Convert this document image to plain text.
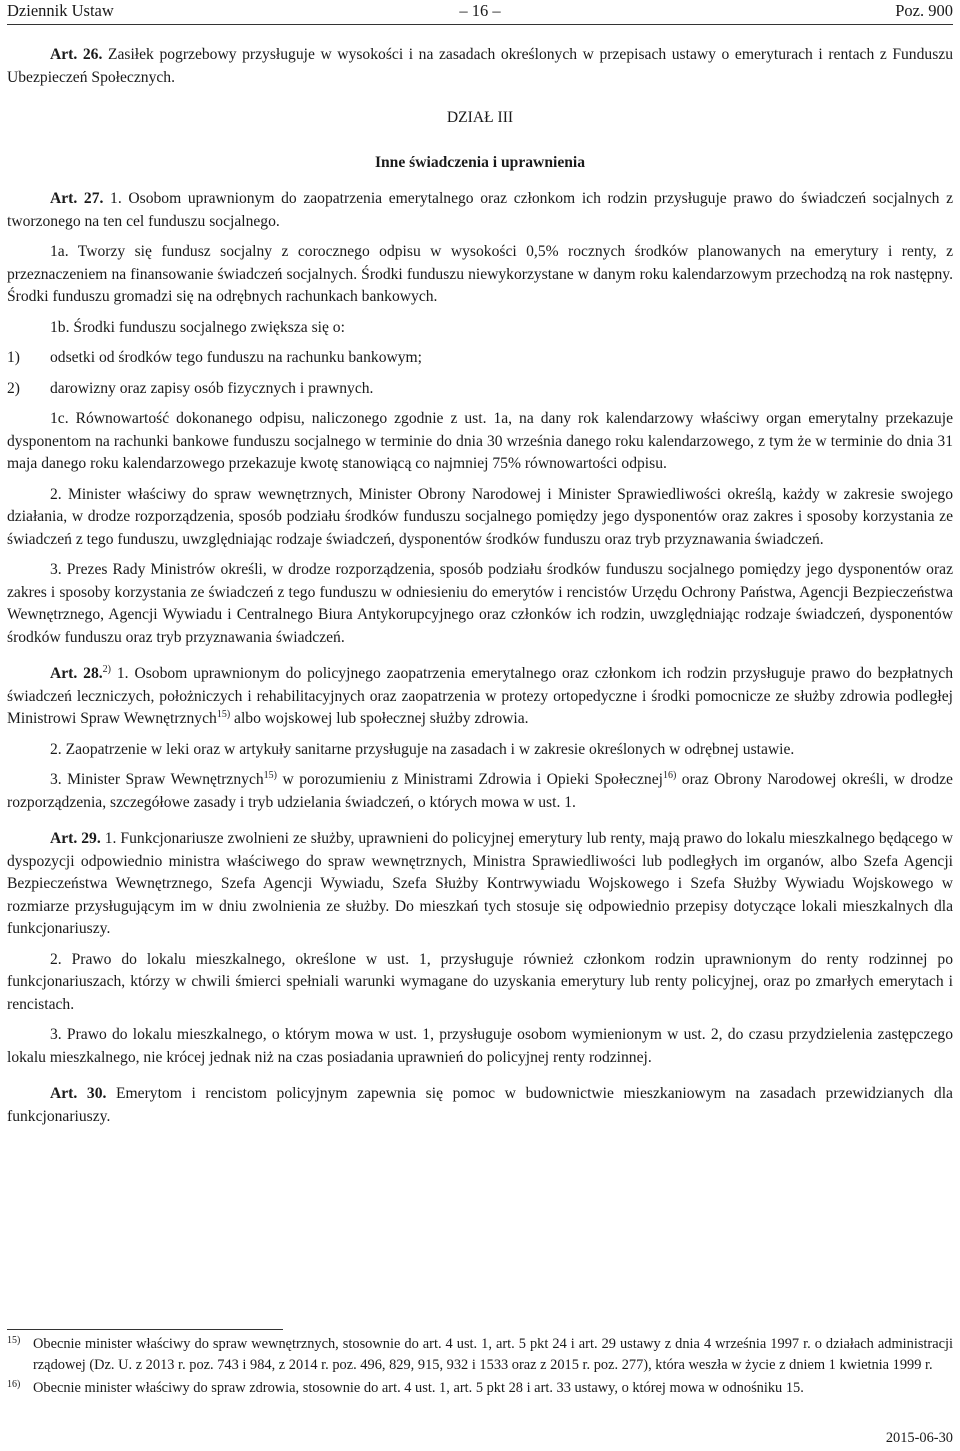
Dziennik Ustaw	– 16 –	Poz. 900

Art. 26. Zasiłek pogrzebowy przysługuje w wysokości i na zasadach określonych w przepisach ustawy o emeryturach i rentach z Funduszu Ubezpieczeń Społecznych.

DZIAŁ III

Inne świadczenia i uprawnienia

Art. 27. 1. Osobom uprawnionym do zaopatrzenia emerytalnego oraz członkom ich rodzin przysługuje prawo do świadczeń socjalnych z tworzonego na ten cel funduszu socjalnego.

1a. Tworzy się fundusz socjalny z corocznego odpisu w wysokości 0,5% rocznych środków planowanych na emerytury i renty, z przeznaczeniem na finansowanie świadczeń socjalnych. Środki funduszu niewykorzystane w danym roku kalendarzowym przechodzą na rok następny. Środki funduszu gromadzi się na odrębnych rachunkach bankowych.

1b. Środki funduszu socjalnego zwiększa się o:

1)	odsetki od środków tego funduszu na rachunku bankowym;
2)	darowizny oraz zapisy osób fizycznych i prawnych.

1c. Równowartość dokonanego odpisu, naliczonego zgodnie z ust. 1a, na dany rok kalendarzowy właściwy organ emerytalny przekazuje dysponentom na rachunki bankowe funduszu socjalnego w terminie do dnia 30 września danego roku kalendarzowego, z tym że w terminie do dnia 31 maja danego roku kalendarzowego przekazuje kwotę stanowiącą co najmniej 75% równowartości odpisu.

2. Minister właściwy do spraw wewnętrznych, Minister Obrony Narodowej i Minister Sprawiedliwości określą, każdy w zakresie swojego działania, w drodze rozporządzenia, sposób podziału środków funduszu socjalnego pomiędzy jego dysponentów oraz zakres i sposoby korzystania ze świadczeń z tego funduszu, uwzględniając rodzaje świadczeń, dysponentów środków funduszu oraz tryb przyznawania świadczeń.

3. Prezes Rady Ministrów określi, w drodze rozporządzenia, sposób podziału środków funduszu socjalnego pomiędzy jego dysponentów oraz zakres i sposoby korzystania ze świadczeń z tego funduszu w odniesieniu do emerytów i rencistów Urzędu Ochrony Państwa, Agencji Bezpieczeństwa Wewnętrznego, Agencji Wywiadu i Centralnego Biura Antykorupcyjnego oraz członków ich rodzin, uwzględniając rodzaje świadczeń, dysponentów środków funduszu oraz tryb przyznawania świadczeń.

Art. 28.$^{2)}$ 1. Osobom uprawnionym do policyjnego zaopatrzenia emerytalnego oraz członkom ich rodzin przysługuje prawo do bezpłatnych świadczeń leczniczych, położniczych i rehabilitacyjnych oraz zaopatrzenia w protezy ortopedyczne i środki pomocnicze ze służby zdrowia podległej Ministrowi Spraw Wewnętrznych$^{15)}$ albo wojskowej lub społecznej służby zdrowia.

2. Zaopatrzenie w leki oraz w artykuły sanitarne przysługuje na zasadach i w zakresie określonych w odrębnej ustawie.

3. Minister Spraw Wewnętrznych$^{15)}$ w porozumieniu z Ministrami Zdrowia i Opieki Społecznej$^{16)}$ oraz Obrony Narodowej określi, w drodze rozporządzenia, szczegółowe zasady i tryb udzielania świadczeń, o których mowa w ust. 1.

Art. 29. 1. Funkcjonariusze zwolnieni ze służby, uprawnieni do policyjnej emerytury lub renty, mają prawo do lokalu mieszkalnego będącego w dyspozycji odpowiednio ministra właściwego do spraw wewnętrznych, Ministra Sprawiedliwości lub podległych im organów, albo Szefa Agencji Bezpieczeństwa Wewnętrznego, Szefa Agencji Wywiadu, Szefa Służby Kontrwywiadu Wojskowego i Szefa Służby Wywiadu Wojskowego w rozmiarze przysługującym im w dniu zwolnienia ze służby. Do mieszkań tych stosuje się odpowiednio przepisy dotyczące lokali mieszkalnych dla funkcjonariuszy.

2. Prawo do lokalu mieszkalnego, określone w ust. 1, przysługuje również członkom rodzin uprawnionym do renty rodzinnej po funkcjonariuszach, którzy w chwili śmierci spełniali warunki wymagane do uzyskania emerytury lub renty policyjnej, oraz po zmarłych emerytach i rencistach.

3. Prawo do lokalu mieszkalnego, o którym mowa w ust. 1, przysługuje osobom wymienionym w ust. 2, do czasu przydzielenia zastępczego lokalu mieszkalnego, nie krócej jednak niż na czas posiadania uprawnień do policyjnej renty rodzinnej.

Art. 30. Emerytom i rencistom policyjnym zapewnia się pomoc w budownictwie mieszkaniowym na zasadach przewidzianych dla funkcjonariuszy.

15) Obecnie minister właściwy do spraw wewnętrznych, stosownie do art. 4 ust. 1, art. 5 pkt 24 i art. 29 ustawy z dnia 4 września 1997 r. o działach administracji rządowej (Dz. U. z 2013 r. poz. 743 i 984, z 2014 r. poz. 496, 829, 915, 932 i 1533 oraz z 2015 r. poz. 277), która weszła w życie z dniem 1 kwietnia 1999 r.
16) Obecnie minister właściwy do spraw zdrowia, stosownie do art. 4 ust. 1, art. 5 pkt 28 i art. 33 ustawy, o której mowa w odnośniku 15.
2015-06-30
